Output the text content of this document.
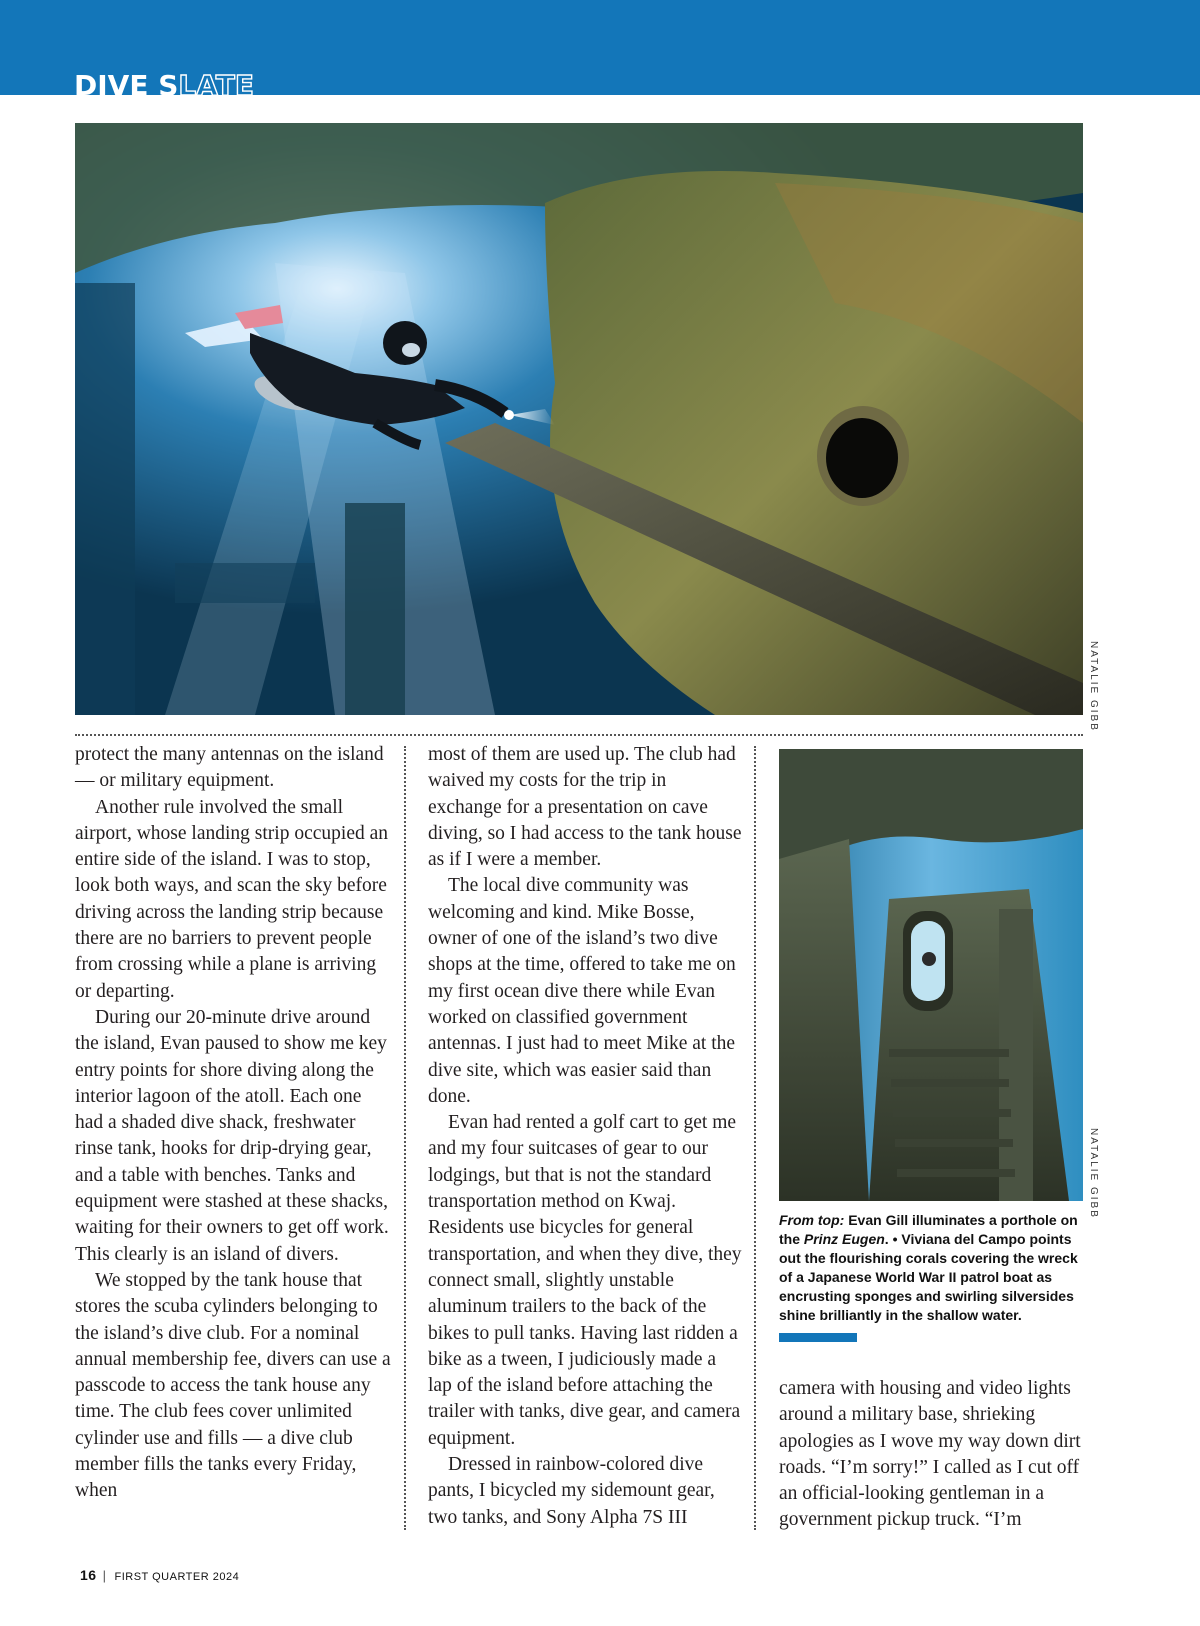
DIVE SLATE
NATALIE GIBB
NATALIE GIBB
From top: Evan Gill illuminates a porthole on the Prinz Eugen. • Viviana del Campo points out the flourishing corals covering the wreck of a Japanese World War II patrol boat as encrusting sponges and swirling silversides shine brilliantly in the shallow water.

protect the many antennas on the island — or military equipment.

Another rule involved the small airport, whose landing strip occupied an entire side of the island. I was to stop, look both ways, and scan the sky before driving across the landing strip because there are no barriers to prevent people from crossing while a plane is arriving or departing.

During our 20-minute drive around the island, Evan paused to show me key entry points for shore diving along the interior lagoon of the atoll. Each one had a shaded dive shack, freshwater rinse tank, hooks for drip-drying gear, and a table with benches. Tanks and equipment were stashed at these shacks, waiting for their owners to get off work. This clearly is an island of divers.

We stopped by the tank house that stores the scuba cylinders belonging to the island’s dive club. For a nominal annual membership fee, divers can use a passcode to access the tank house any time. The club fees cover unlimited cylinder use and fills — a dive club member fills the tanks every Friday, when

most of them are used up. The club had waived my costs for the trip in exchange for a presentation on cave diving, so I had access to the tank house as if I were a member.

The local dive community was welcoming and kind. Mike Bosse, owner of one of the island’s two dive shops at the time, offered to take me on my first ocean dive there while Evan worked on classified government antennas. I just had to meet Mike at the dive site, which was easier said than done.

Evan had rented a golf cart to get me and my four suitcases of gear to our lodgings, but that is not the standard transportation method on Kwaj. Residents use bicycles for general transportation, and when they dive, they connect small, slightly unstable aluminum trailers to the back of the bikes to pull tanks. Having last ridden a bike as a tween, I judiciously made a lap of the island before attaching the trailer with tanks, dive gear, and camera equipment.

Dressed in rainbow-colored dive pants, I bicycled my sidemount gear, two tanks, and Sony Alpha 7S III

camera with housing and video lights around a military base, shrieking apologies as I wove my way down dirt roads. “I’m sorry!” I called as I cut off an official-looking gentleman in a government pickup truck. “I’m

16 | FIRST QUARTER 2024
